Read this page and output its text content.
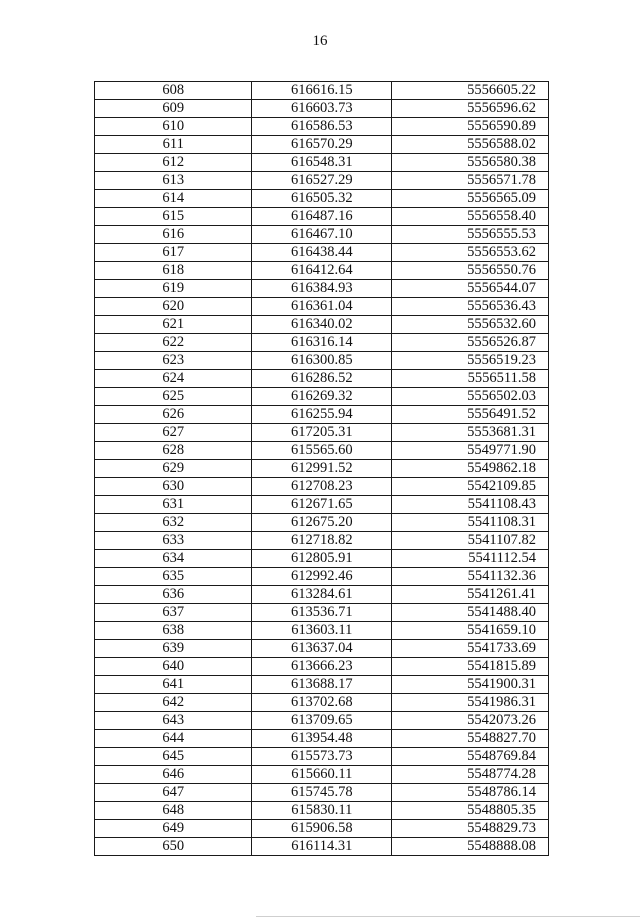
16
608	616616.15	5556605.22
609	616603.73	5556596.62
610	616586.53	5556590.89
611	616570.29	5556588.02
612	616548.31	5556580.38
613	616527.29	5556571.78
614	616505.32	5556565.09
615	616487.16	5556558.40
616	616467.10	5556555.53
617	616438.44	5556553.62
618	616412.64	5556550.76
619	616384.93	5556544.07
620	616361.04	5556536.43
621	616340.02	5556532.60
622	616316.14	5556526.87
623	616300.85	5556519.23
624	616286.52	5556511.58
625	616269.32	5556502.03
626	616255.94	5556491.52
627	617205.31	5553681.31
628	615565.60	5549771.90
629	612991.52	5549862.18
630	612708.23	5542109.85
631	612671.65	5541108.43
632	612675.20	5541108.31
633	612718.82	5541107.82
634	612805.91	5541112.54
635	612992.46	5541132.36
636	613284.61	5541261.41
637	613536.71	5541488.40
638	613603.11	5541659.10
639	613637.04	5541733.69
640	613666.23	5541815.89
641	613688.17	5541900.31
642	613702.68	5541986.31
643	613709.65	5542073.26
644	613954.48	5548827.70
645	615573.73	5548769.84
646	615660.11	5548774.28
647	615745.78	5548786.14
648	615830.11	5548805.35
649	615906.58	5548829.73
650	616114.31	5548888.08
